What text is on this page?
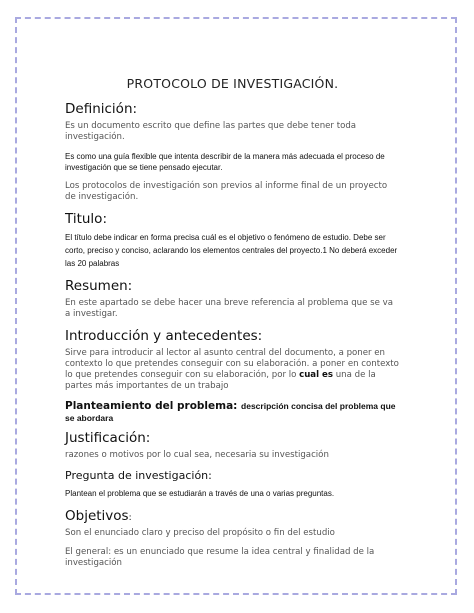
PROTOCOLO DE INVESTIGACIÓN.
Definición:
Es un documento escrito que define las partes que debe tener toda investigación.
Es como una guía flexible que intenta describir de la manera más adecuada el proceso de investigación que se tiene pensado ejecutar.
Los protocolos de investigación son previos al informe final de un proyecto de investigación.
Titulo:
El título debe indicar en forma precisa cuál es el objetivo o fenómeno de estudio. Debe ser corto, preciso y conciso, aclarando los elementos centrales del proyecto.1 No deberá exceder las 20 palabras
Resumen:
En este apartado se debe hacer una breve referencia al problema que se va a investigar.
Introducción y antecedentes:
Sirve para introducir al lector al asunto central del documento, a poner en contexto lo que pretendes conseguir con su elaboración. a poner en contexto lo que pretendes conseguir con su elaboración, por lo cual es una de la partes más importantes de un trabajo
Planteamiento del problema: descripción concisa del problema que se abordara
Justificación:
razones o motivos por lo cual sea, necesaria su investigación
Pregunta de investigación:
Plantean el problema que se estudiarán a través de una o varias preguntas.
Objetivos:
Son el enunciado claro y preciso del propósito o fin del estudio
El general: es un enunciado que resume la idea central y finalidad de la investigación
